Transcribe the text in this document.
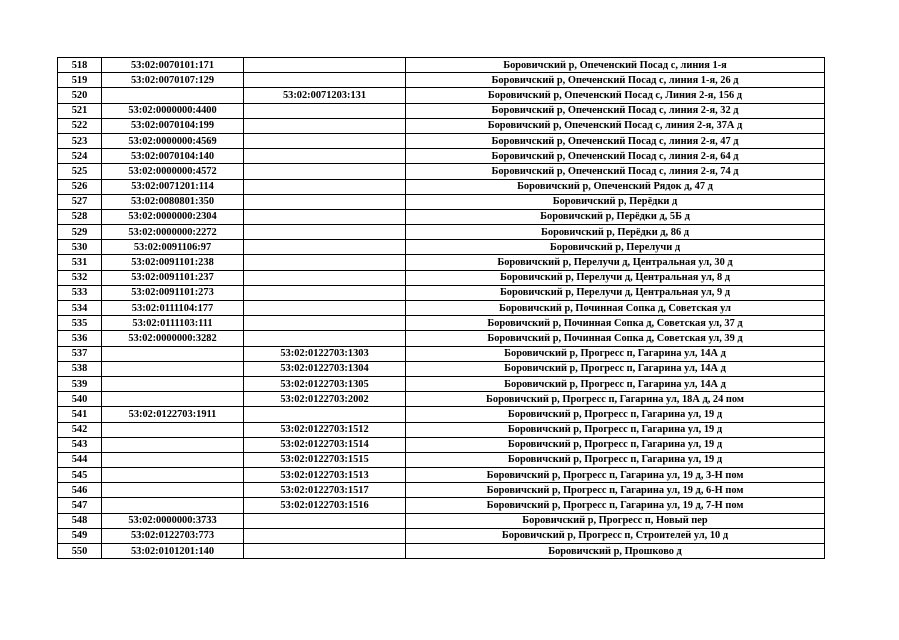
518	53:02:0070101:171		Боровичский р, Опеченский Посад с, линия 1-я
519	53:02:0070107:129		Боровичский р, Опеченский Посад с, линия 1-я, 26 д
520		53:02:0071203:131	Боровичский р, Опеченский Посад с, Линия 2-я, 156 д
521	53:02:0000000:4400		Боровичский р, Опеченский Посад с, линия 2-я, 32 д
522	53:02:0070104:199		Боровичский р, Опеченский Посад с, линия 2-я, 37А д
523	53:02:0000000:4569		Боровичский р, Опеченский Посад с, линия 2-я, 47 д
524	53:02:0070104:140		Боровичский р, Опеченский Посад с, линия 2-я, 64 д
525	53:02:0000000:4572		Боровичский р, Опеченский Посад с, линия 2-я, 74 д
526	53:02:0071201:114		Боровичский р, Опеченский Рядок д, 47 д
527	53:02:0080801:350		Боровичский р, Перёдки д
528	53:02:0000000:2304		Боровичский р, Перёдки д, 5Б д
529	53:02:0000000:2272		Боровичский р, Перёдки д, 86 д
530	53:02:0091106:97		Боровичский р, Перелучи д
531	53:02:0091101:238		Боровичский р, Перелучи д, Центральная ул, 30 д
532	53:02:0091101:237		Боровичский р, Перелучи д, Центральная ул, 8 д
533	53:02:0091101:273		Боровичский р, Перелучи д, Центральная ул, 9 д
534	53:02:0111104:177		Боровичский р, Починная Сопка д, Советская ул
535	53:02:0111103:111		Боровичский р, Починная Сопка д, Советская ул, 37 д
536	53:02:0000000:3282		Боровичский р, Починная Сопка д, Советская ул, 39 д
537		53:02:0122703:1303	Боровичский р, Прогресс п, Гагарина ул, 14А д
538		53:02:0122703:1304	Боровичский р, Прогресс п, Гагарина ул, 14А д
539		53:02:0122703:1305	Боровичский р, Прогресс п, Гагарина ул, 14А д
540		53:02:0122703:2002	Боровичский р, Прогресс п, Гагарина ул, 18А д, 24 пом
541	53:02:0122703:1911		Боровичский р, Прогресс п, Гагарина ул, 19 д
542		53:02:0122703:1512	Боровичский р, Прогресс п, Гагарина ул, 19 д
543		53:02:0122703:1514	Боровичский р, Прогресс п, Гагарина ул, 19 д
544		53:02:0122703:1515	Боровичский р, Прогресс п, Гагарина ул, 19 д
545		53:02:0122703:1513	Боровичский р, Прогресс п, Гагарина ул, 19 д, 3-Н пом
546		53:02:0122703:1517	Боровичский р, Прогресс п, Гагарина ул, 19 д, 6-Н пом
547		53:02:0122703:1516	Боровичский р, Прогресс п, Гагарина ул, 19 д, 7-Н пом
548	53:02:0000000:3733		Боровичский р, Прогресс п, Новый пер
549	53:02:0122703:773		Боровичский р, Прогресс п, Строителей ул, 10 д
550	53:02:0101201:140		Боровичский р, Прошково д
